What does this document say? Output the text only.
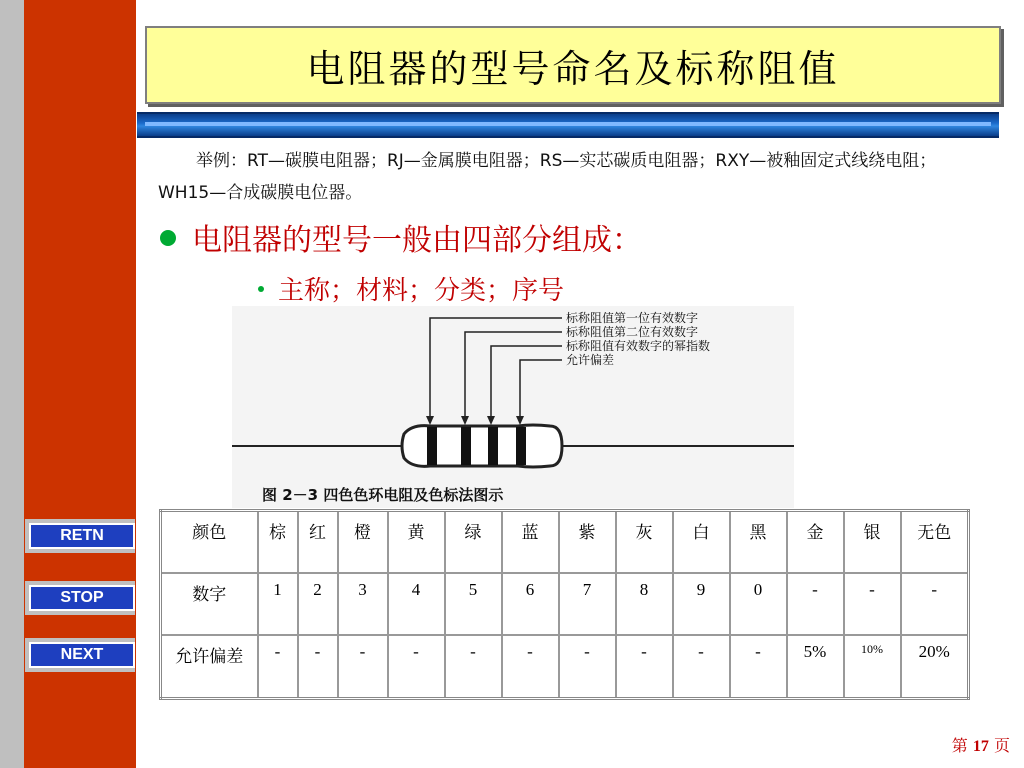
电阻器的型号命名及标称阻值
举例：RT—碳膜电阻器；RJ—金属膜电阻器；RS—实芯碳质电阻器；RXY—被釉固定式线绕电阻；WH15—合成碳膜电位器。
电阻器的型号一般由四部分组成：
主称；材料；分类；序号
标称阻值第一位有效数字
标称阻值第二位有效数字
标称阻值有效数字的幂指数
允许偏差
图 2－3 四色色环电阻及色标法图示
RETN
STOP
NEXT
颜色	棕	红	橙	黄	绿	蓝	紫	灰	白	黑	金	银	无色
数字	1	2	3	4	5	6	7	8	9	0	-	-	-
允许偏差	-	-	-	-	-	-	-	-	-	-	5%	10%	20%
第 17 页
